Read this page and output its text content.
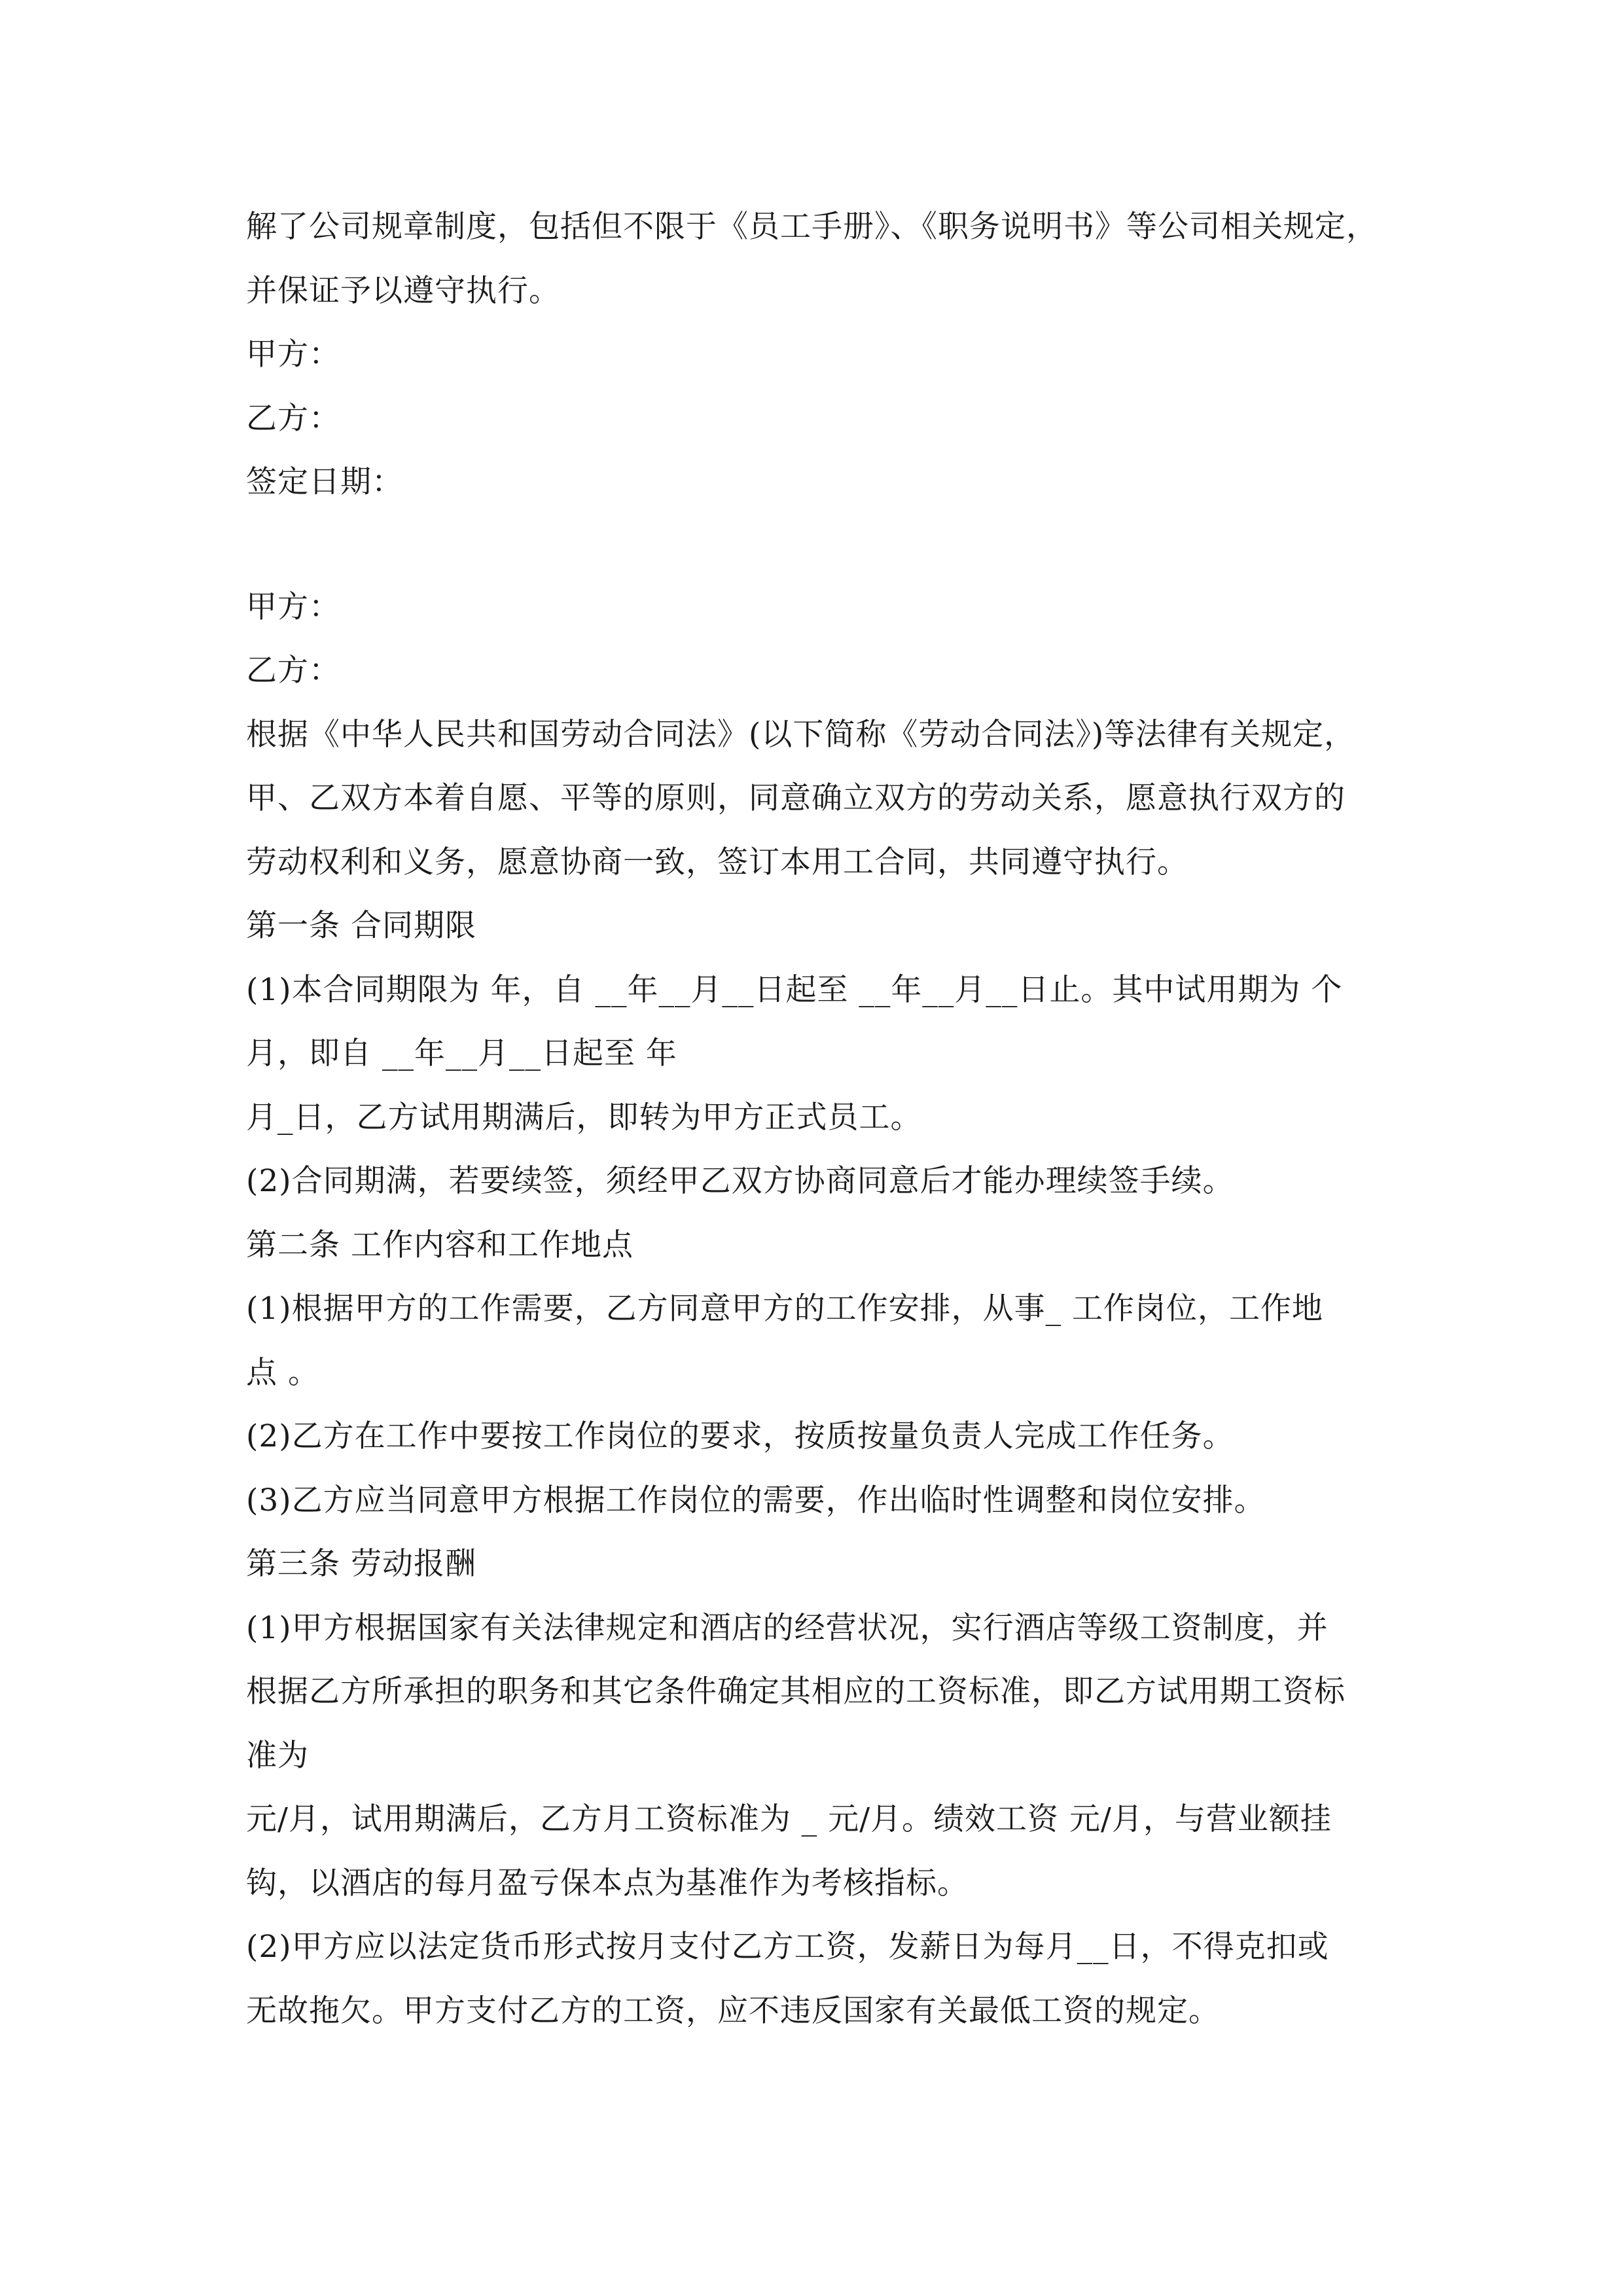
解了公司规章制度，包括但不限于《员工手册》、《职务说明书》等公司相关规定，
并保证予以遵守执行。
甲方：
乙方：
签定日期：
甲方：
乙方：
根据《中华人民共和国劳动合同法》(以下简称《劳动合同法》)等法律有关规定，
甲、乙双方本着自愿、平等的原则，同意确立双方的劳动关系，愿意执行双方的
劳动权利和义务，愿意协商一致，签订本用工合同，共同遵守执行。
第一条 合同期限
(1)本合同期限为 年，自 __年__月__日起至 __年__月__日止。其中试用期为 个
月，即自 __年__月__日起至 年
月_日，乙方试用期满后，即转为甲方正式员工。
(2)合同期满，若要续签，须经甲乙双方协商同意后才能办理续签手续。
第二条 工作内容和工作地点
(1)根据甲方的工作需要，乙方同意甲方的工作安排，从事_ 工作岗位，工作地
点 。
(2)乙方在工作中要按工作岗位的要求，按质按量负责人完成工作任务。
(3)乙方应当同意甲方根据工作岗位的需要，作出临时性调整和岗位安排。
第三条 劳动报酬
(1)甲方根据国家有关法律规定和酒店的经营状况，实行酒店等级工资制度，并
根据乙方所承担的职务和其它条件确定其相应的工资标准，即乙方试用期工资标
准为
元/月，试用期满后，乙方月工资标准为 _ 元/月。绩效工资 元/月，与营业额挂
钩，以酒店的每月盈亏保本点为基准作为考核指标。
(2)甲方应以法定货币形式按月支付乙方工资，发薪日为每月__日，不得克扣或
无故拖欠。甲方支付乙方的工资，应不违反国家有关最低工资的规定。
